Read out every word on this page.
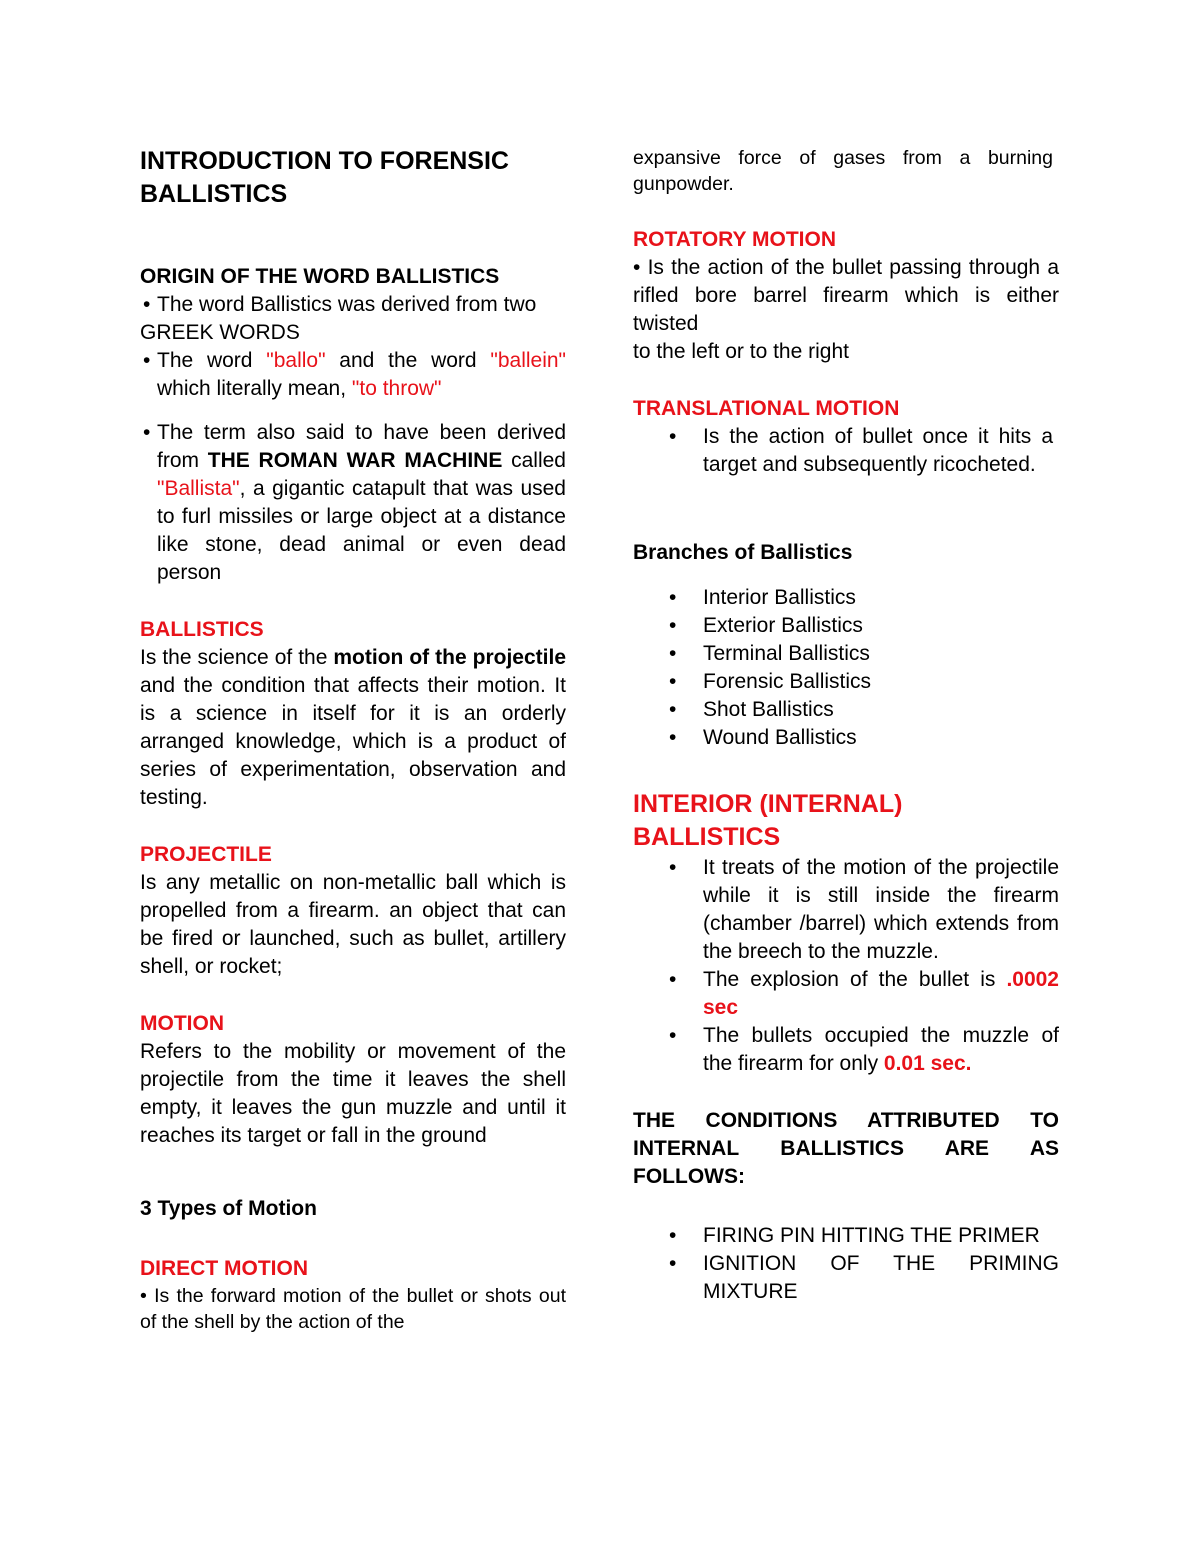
INTRODUCTION TO FORENSIC
BALLISTICS

ORIGIN OF THE WORD BALLISTICS

• The word Ballistics was derived from two

GREEK WORDS

• The word "ballo" and the word "ballein" which literally mean, "to throw"
• The term also said to have been derived from THE ROMAN WAR MACHINE called "Ballista", a gigantic catapult that was used to furl missiles or large object at a distance like stone, dead animal or even dead person

BALLISTICS

Is the science of the motion of the projectile and the condition that affects their motion. It is a science in itself for it is an orderly arranged knowledge, which is a product of series of experimentation, observation and testing.

PROJECTILE

Is any metallic on non-metallic ball which is propelled from a firearm. an object that can be fired or launched, such as bullet, artillery shell, or rocket;

MOTION

Refers to the mobility or movement of the projectile from the time it leaves the shell empty, it leaves the gun muzzle and until it reaches its target or fall in the ground

3 Types of Motion

DIRECT MOTION

• Is the forward motion of the bullet or shots out of the shell by the action of the

expansive force of gases from a burning gunpowder.

ROTATORY MOTION

• Is the action of the bullet passing through a rifled bore barrel firearm which is either twisted

to the left or to the right

TRANSLATIONAL MOTION

• Is the action of bullet once it hits a target and subsequently ricocheted.

Branches of Ballistics

• Interior Ballistics
• Exterior Ballistics
• Terminal Ballistics
• Forensic Ballistics
• Shot Ballistics
• Wound Ballistics

INTERIOR (INTERNAL)
BALLISTICS

• It treats of the motion of the projectile while it is still inside the firearm (chamber /barrel) which extends from the breech to the muzzle.
• The explosion of the bullet is .0002 sec
• The bullets occupied the muzzle of the firearm for only 0.01 sec.

THE CONDITIONS ATTRIBUTED TO INTERNAL BALLISTICS ARE AS FOLLOWS:

• FIRING PIN HITTING THE PRIMER
• IGNITION OF THE PRIMING MIXTURE
